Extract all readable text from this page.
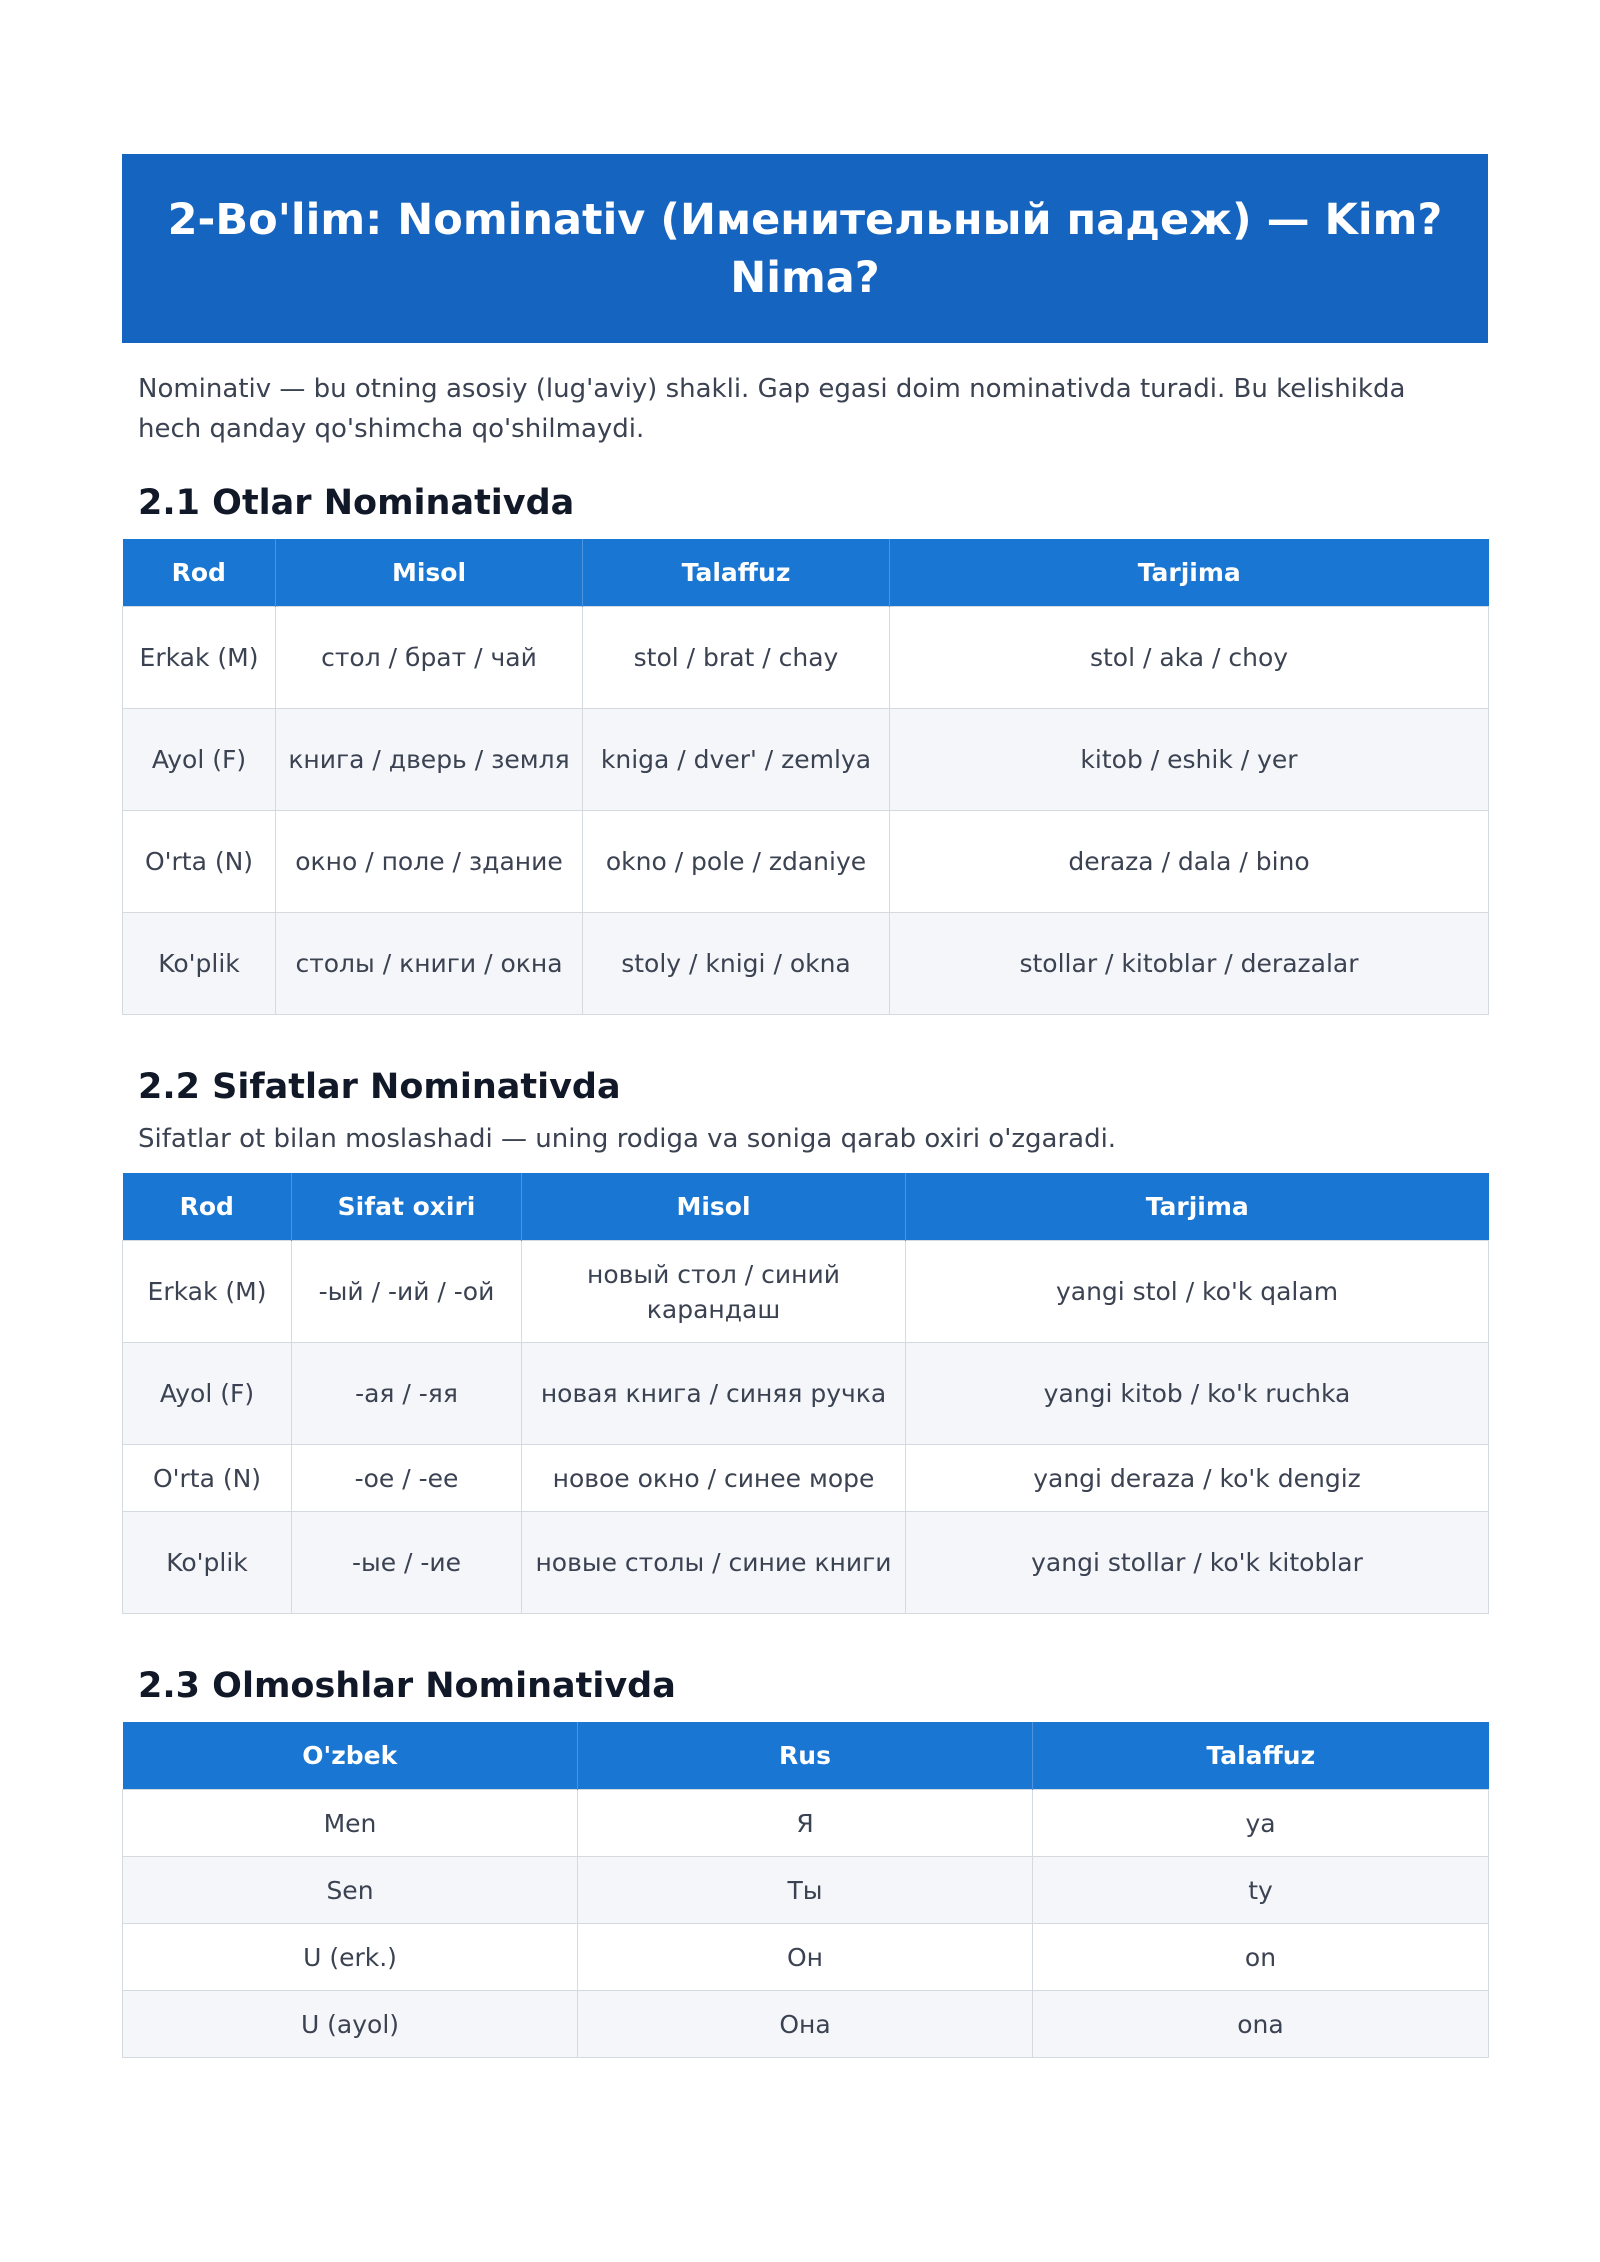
2-Bo'lim: Nominativ (Именительный падеж) — Kim? Nima?

Nominativ — bu otning asosiy (lug'aviy) shakli. Gap egasi doim nominativda turadi. Bu kelishikda hech qanday qo'shimcha qo'shilmaydi.

2.1 Otlar Nominativda
Rod	Misol	Talaffuz	Tarjima
Erkak (M)	стол / брат / чай	stol / brat / chay	stol / aka / choy
Ayol (F)	книга / дверь / земля	kniga / dver' / zemlya	kitob / eshik / yer
O'rta (N)	окно / поле / здание	okno / pole / zdaniye	deraza / dala / bino
Ko'plik	столы / книги / окна	stoly / knigi / okna	stollar / kitoblar / derazalar
2.2 Sifatlar Nominativda

Sifatlar ot bilan moslashadi — uning rodiga va soniga qarab oxiri o'zgaradi.

Rod	Sifat oxiri	Misol	Tarjima
Erkak (M)	-ый / -ий / -ой	новый стол / синий карандаш	yangi stol / ko'k qalam
Ayol (F)	-ая / -яя	новая книга / синяя ручка	yangi kitob / ko'k ruchka
O'rta (N)	-ое / -ее	новое окно / синее море	yangi deraza / ko'k dengiz
Ko'plik	-ые / -ие	новые столы / синие книги	yangi stollar / ko'k kitoblar
2.3 Olmoshlar Nominativda
O'zbek	Rus	Talaffuz
Men	Я	ya
Sen	Ты	ty
U (erk.)	Он	on
U (ayol)	Она	ona
